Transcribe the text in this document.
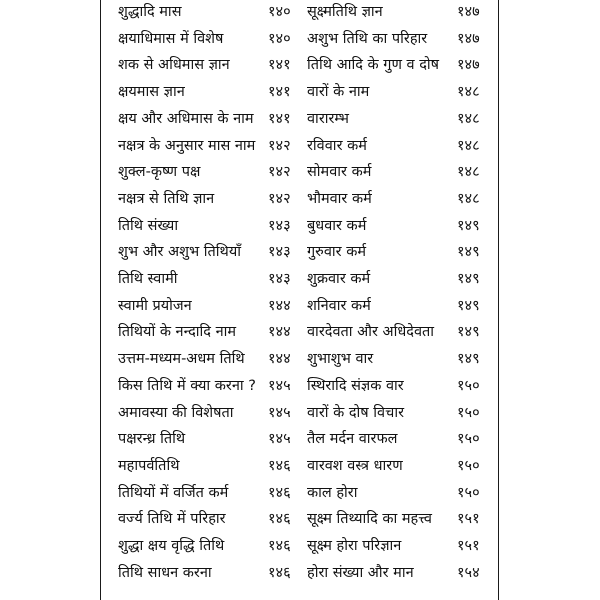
शुद्धादि मास	१४०	सूक्ष्मतिथि ज्ञान	१४७
क्षयाधिमास में विशेष	१४०	अशुभ तिथि का परिहार	१४७
शक से अधिमास ज्ञान	१४१	तिथि आदि के गुण व दोष	१४७
क्षयमास ज्ञान	१४१	वारों के नाम	१४८
क्षय और अधिमास के नाम १४१	वारारम्भ	१४८
नक्षत्र के अनुसार मास नाम १४२	रविवार कर्म	१४८
शुक्ल-कृष्ण पक्ष	१४२	सोमवार कर्म	१४८
नक्षत्र से तिथि ज्ञान	१४२	भौमवार कर्म	१४८
तिथि संख्या	१४३	बुधवार कर्म	१४९
शुभ और अशुभ तिथियाँ	१४३	गुरुवार कर्म	१४९
तिथि स्वामी	१४३	शुक्रवार कर्म	१४९
स्वामी प्रयोजन	१४४	शनिवार कर्म	१४९
तिथियों के नन्दादि नाम	१४४	वारदेवता और अधिदेवता	१४९
उत्तम-मध्यम-अधम तिथि	१४४	शुभाशुभ वार	१४९
किस तिथि में क्या करना ? १४५	स्थिरादि संज्ञक वार	१५०
अमावस्या की विशेषता	१४५	वारों के दोष विचार	१५०
पक्षरन्ध्र तिथि	१४५	तैल मर्दन वारफल	१५०
महापर्वतिथि	१४६	वारवश वस्त्र धारण	१५०
तिथियों में वर्जित कर्म	१४६	काल होरा	१५०
वर्ज्य तिथि में परिहार	१४६	सूक्ष्म तिथ्यादि का महत्त्व	१५१
शुद्धा क्षय वृद्धि तिथि	१४६	सूक्ष्म होरा परिज्ञान	१५१
तिथि साधन करना	१४६	होरा संख्या और मान	१५४
